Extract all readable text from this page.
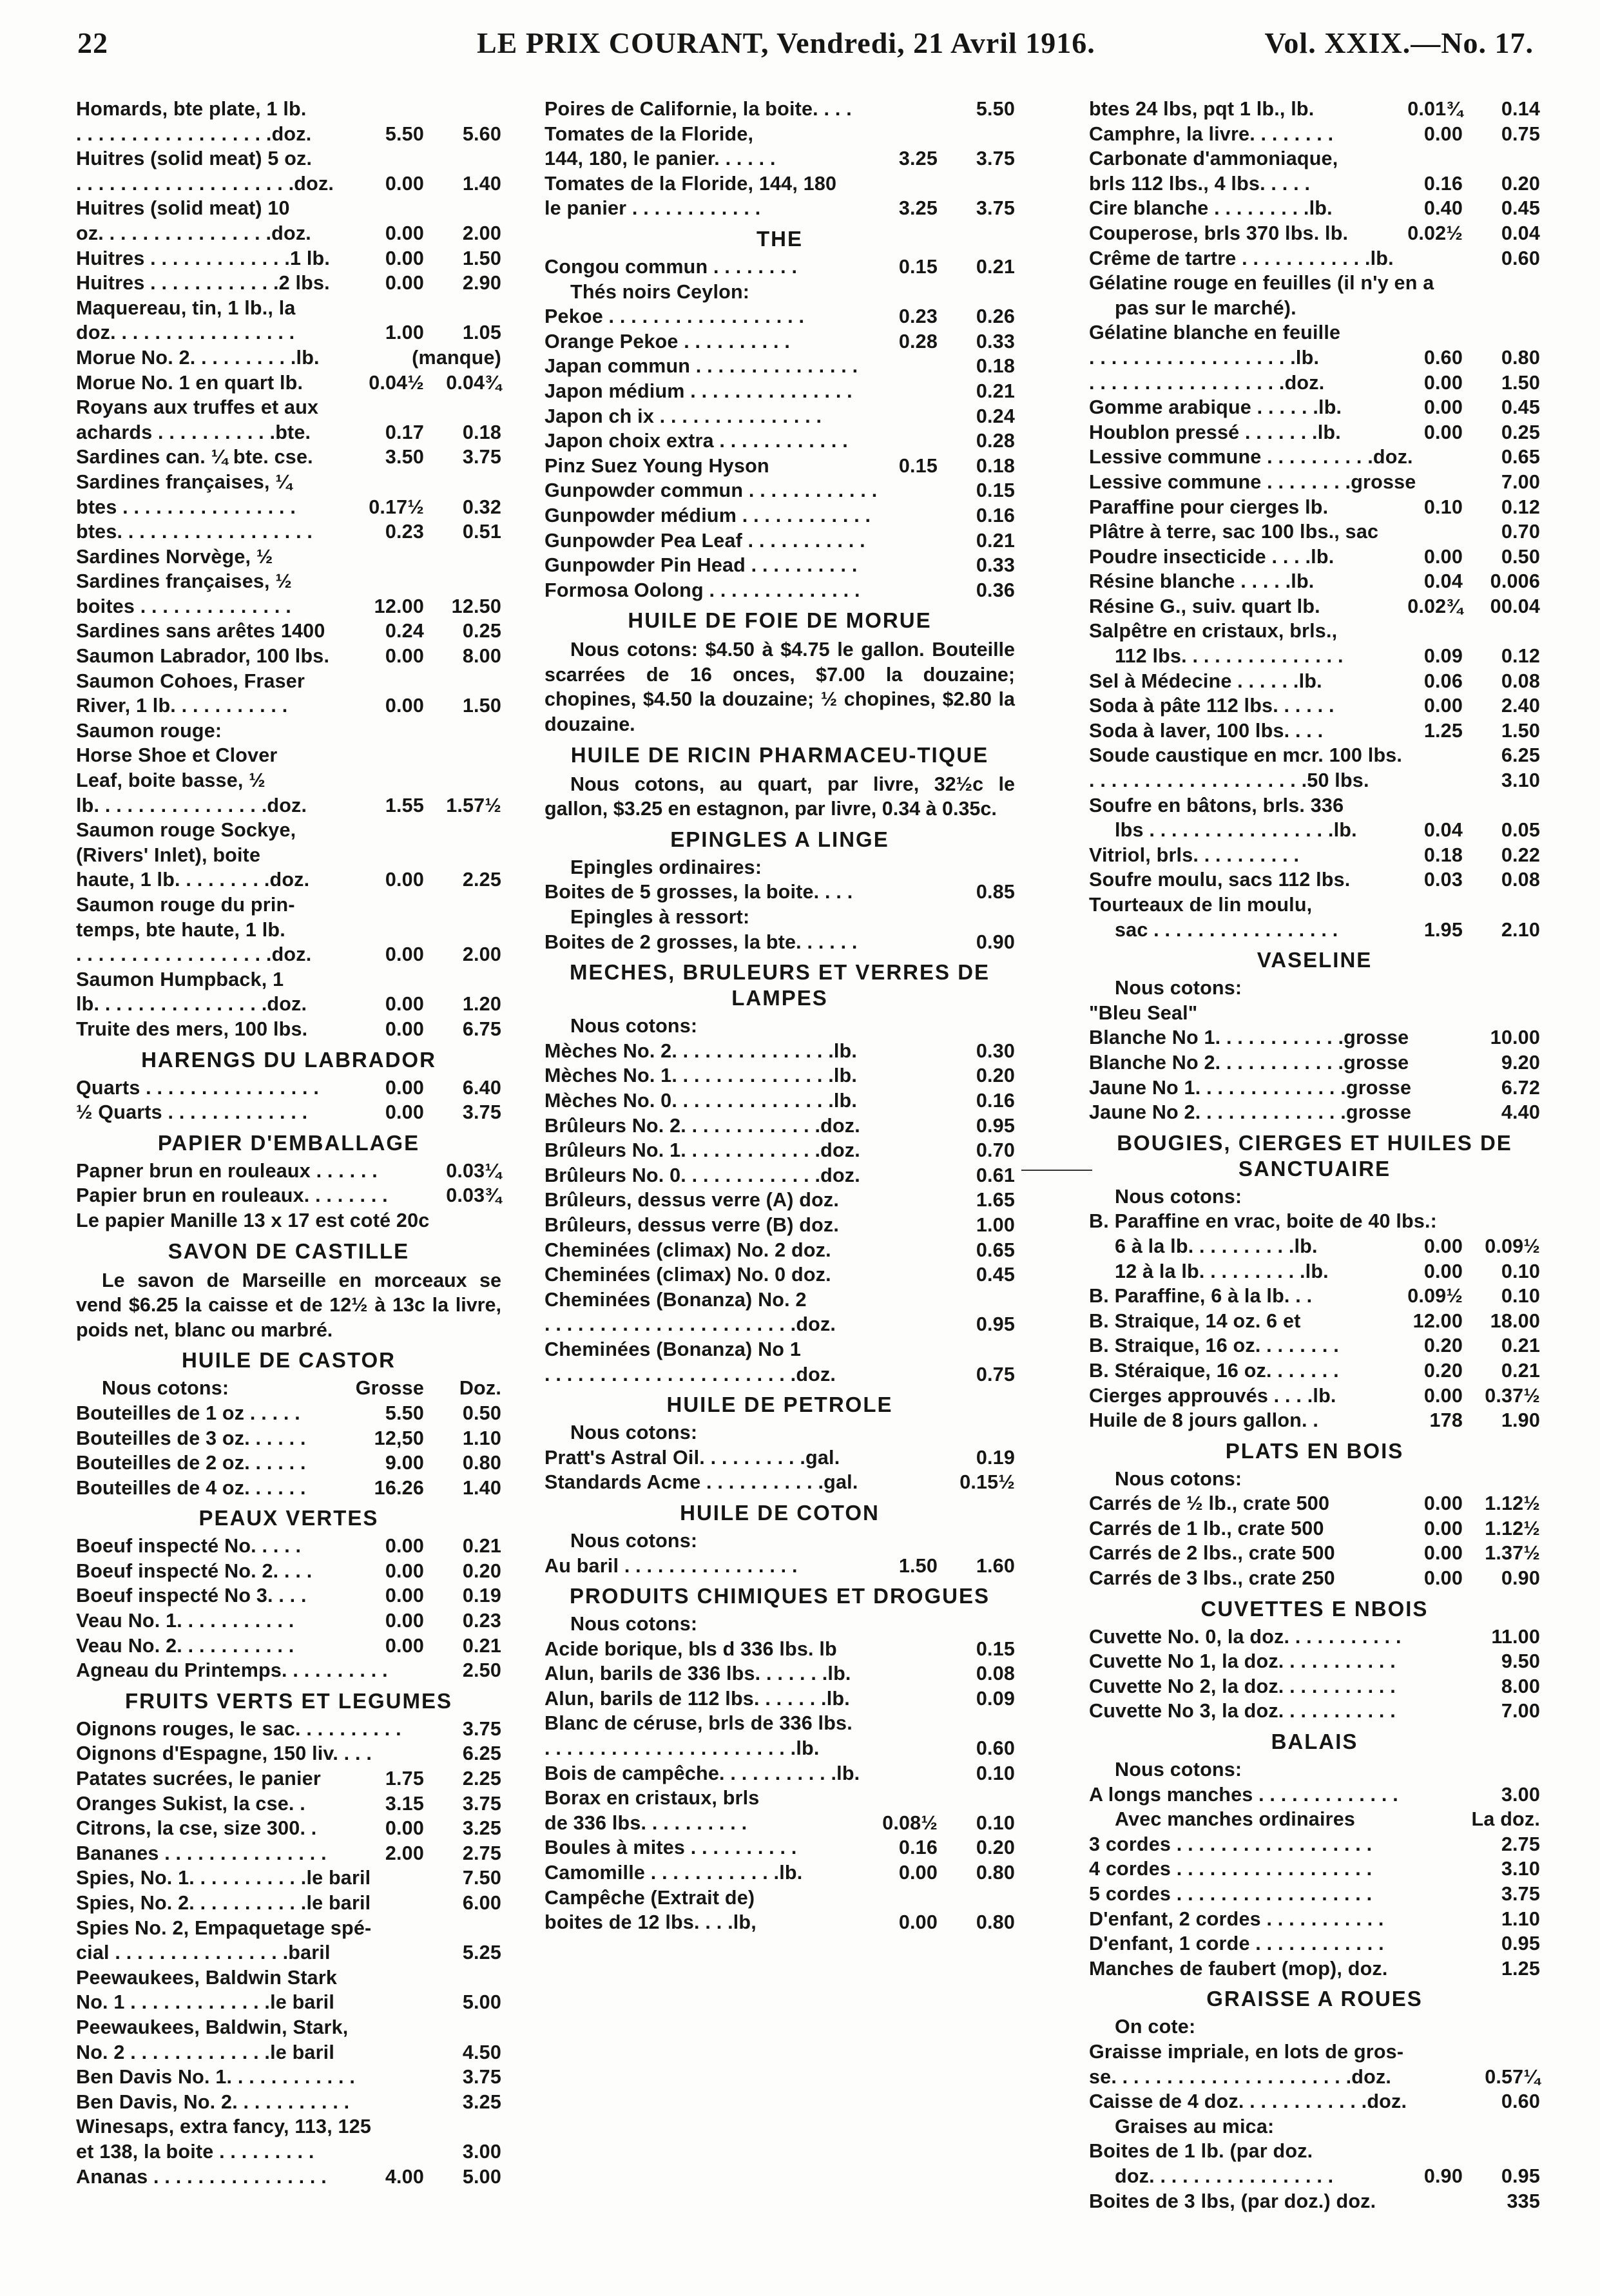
22	LE PRIX COURANT, Vendredi, 21 Avril 1916.	Vol. XXIX.—No. 17.
Homards, bte plate, 1 lb.
. . . . . . . . . . . . . . . . . .doz.	5.50	5.60
Huitres (solid meat) 5 oz.
. . . . . . . . . . . . . . . . . . . .doz.	0.00	1.40
Huitres (solid meat) 10
oz. . . . . . . . . . . . . . . .doz.	0.00	2.00
Huitres . . . . . . . . . . . . .1 lb.	0.00	1.50
Huitres . . . . . . . . . . . .2 lbs.	0.00	2.90
Maquereau, tin, 1 lb., la
doz. . . . . . . . . . . . . . . . .	1.00	1.05
Morue No. 2. . . . . . . . . .lb.	(manque)
Morue No. 1 en quart lb.	0.04½	0.04¾
Royans aux truffes et aux
achards . . . . . . . . . . .bte.	0.17	0.18
Sardines can. ¼ bte. cse.	3.50	3.75
Sardines françaises, ¼
btes . . . . . . . . . . . . . . . .	0.17½	0.32
btes. . . . . . . . . . . . . . . . . .	0.23	0.51
Sardines Norvège, ½
Sardines françaises, ½
boites . . . . . . . . . . . . . .	12.00	12.50
Sardines sans arêtes 1400	0.24	0.25
Saumon Labrador, 100 lbs.	0.00	8.00
Saumon Cohoes, Fraser
River, 1 lb. . . . . . . . . . .	0.00	1.50
Saumon rouge:
Horse Shoe et Clover
Leaf, boite basse, ½
lb. . . . . . . . . . . . . . . .doz.	1.55	1.57½
Saumon rouge Sockye,
(Rivers' Inlet), boite
haute, 1 lb. . . . . . . . .doz.	0.00	2.25
Saumon rouge du prin-
temps, bte haute, 1 lb.
. . . . . . . . . . . . . . . . . .doz.	0.00	2.00
Saumon Humpback, 1
lb. . . . . . . . . . . . . . . .doz.	0.00	1.20
Truite des mers, 100 lbs.	0.00	6.75
HARENGS DU LABRADOR
Quarts . . . . . . . . . . . . . . . .	0.00	6.40
½ Quarts . . . . . . . . . . . . .	0.00	3.75
PAPIER D'EMBALLAGE
Papner brun en rouleaux . . . . . .	0.03¼
Papier brun en rouleaux. . . . . . . .	0.03¾
Le papier Manille 13 x 17 est coté 20c
SAVON DE CASTILLE
Le savon de Marseille en morceaux se vend $6.25 la caisse et de 12½ à 13c la livre, poids net, blanc ou marbré.
HUILE DE CASTOR
Nous cotons:	Grosse	Doz.
Bouteilles de 1 oz . . . . .	5.50	0.50
Bouteilles de 3 oz. . . . . .	12,50	1.10
Bouteilles de 2 oz. . . . . .	9.00	0.80
Bouteilles de 4 oz. . . . . .	16.26	1.40
PEAUX VERTES
Boeuf inspecté No. . . . .	0.00	0.21
Boeuf inspecté No. 2. . . .	0.00	0.20
Boeuf inspecté No 3. . . .	0.00	0.19
Veau No. 1. . . . . . . . . . .	0.00	0.23
Veau No. 2. . . . . . . . . . .	0.00	0.21
Agneau du Printemps. . . . . . . . . .	2.50
FRUITS VERTS ET LEGUMES
Oignons rouges, le sac. . . . . . . . . .	3.75
Oignons d'Espagne, 150 liv. . . .	6.25
Patates sucrées, le panier	1.75	2.25
Oranges Sukist, la cse. .	3.15	3.75
Citrons, la cse, size 300. .	0.00	3.25
Bananes . . . . . . . . . . . . . . .	2.00	2.75
Spies, No. 1. . . . . . . . . . .le baril	7.50
Spies, No. 2. . . . . . . . . . .le baril	6.00
Spies No. 2, Empaquetage spé-
cial . . . . . . . . . . . . . . . .baril	5.25
Peewaukees, Baldwin Stark
No. 1 . . . . . . . . . . . . .le baril	5.00
Peewaukees, Baldwin, Stark,
No. 2 . . . . . . . . . . . . .le baril	4.50
Ben Davis No. 1. . . . . . . . . . . .	3.75
Ben Davis, No. 2. . . . . . . . . . .	3.25
Winesaps, extra fancy, 113, 125
et 138, la boite . . . . . . . . .	3.00
Ananas . . . . . . . . . . . . . . . .	4.00	5.00
Poires de Californie, la boite. . . .	5.50
Tomates de la Floride,
144, 180, le panier. . . . . .	3.25	3.75
Tomates de la Floride, 144, 180
le panier . . . . . . . . . . . .	3.25	3.75
THE
Congou commun . . . . . . . .	0.15	0.21
Thés noirs Ceylon:
Pekoe . . . . . . . . . . . . . . . . . .	0.23	0.26
Orange Pekoe . . . . . . . . . .	0.28	0.33
Japan commun . . . . . . . . . . . . . . .	0.18
Japon médium . . . . . . . . . . . . . . .	0.21
Japon ch ix . . . . . . . . . . . . . . .	0.24
Japon choix extra . . . . . . . . . . . .	0.28
Pinz Suez Young Hyson	0.15	0.18
Gunpowder commun . . . . . . . . . . . .	0.15
Gunpowder médium . . . . . . . . . . . .	0.16
Gunpowder Pea Leaf . . . . . . . . . . .	0.21
Gunpowder Pin Head . . . . . . . . . .	0.33
Formosa Oolong . . . . . . . . . . . . . .	0.36
HUILE DE FOIE DE MORUE
Nous cotons: $4.50 à $4.75 le gallon. Bouteille scarrées de 16 onces, $7.00 la douzaine; chopines, $4.50 la douzaine; ½ chopines, $2.80 la douzaine.
HUILE DE RICIN PHARMACEU-TIQUE
Nous cotons, au quart, par livre, 32½c le gallon, $3.25 en estagnon, par livre, 0.34 à 0.35c.
EPINGLES A LINGE
Epingles ordinaires:
Boites de 5 grosses, la boite. . . .	0.85
Epingles à ressort:
Boites de 2 grosses, la bte. . . . . .	0.90
MECHES, BRULEURS ET VERRES DE LAMPES
Nous cotons:
Mèches No. 2. . . . . . . . . . . . . . .lb.	0.30
Mèches No. 1. . . . . . . . . . . . . . .lb.	0.20
Mèches No. 0. . . . . . . . . . . . . . .lb.	0.16
Brûleurs No. 2. . . . . . . . . . . . .doz.	0.95
Brûleurs No. 1. . . . . . . . . . . . .doz.	0.70
Brûleurs No. 0. . . . . . . . . . . . .doz.	0.61
Brûleurs, dessus verre (A) doz.	1.65
Brûleurs, dessus verre (B) doz.	1.00
Cheminées (climax) No. 2 doz.	0.65
Cheminées (climax) No. 0 doz.	0.45
Cheminées (Bonanza) No. 2
. . . . . . . . . . . . . . . . . . . . . . .doz.	0.95
Cheminées (Bonanza) No 1
. . . . . . . . . . . . . . . . . . . . . . .doz.	0.75
HUILE DE PETROLE
Nous cotons:
Pratt's Astral Oil. . . . . . . . . .gal.	0.19
Standards Acme . . . . . . . . . . .gal.	0.15½
HUILE DE COTON
Nous cotons:
Au baril . . . . . . . . . . . . . . . .	1.50	1.60
PRODUITS CHIMIQUES ET DROGUES
Nous cotons:
Acide borique, bls d 336 lbs. lb	0.15
Alun, barils de 336 lbs. . . . . . .lb.	0.08
Alun, barils de 112 lbs. . . . . . .lb.	0.09
Blanc de céruse, brls de 336 lbs.
. . . . . . . . . . . . . . . . . . . . . . .lb.	0.60
Bois de campêche. . . . . . . . . . .lb.	0.10
Borax en cristaux, brls
de 336 lbs. . . . . . . . . .	0.08½	0.10
Boules à mites . . . . . . . . . .	0.16	0.20
Camomille . . . . . . . . . . . .lb.	0.00	0.80
Campêche (Extrait de)
boites de 12 lbs. . . .lb,	0.00	0.80
btes 24 lbs, pqt 1 lb., lb.	0.01¾	0.14
Camphre, la livre. . . . . . . .	0.00	0.75
Carbonate d'ammoniaque,
brls 112 lbs., 4 lbs. . . . .	0.16	0.20
Cire blanche . . . . . . . . .lb.	0.40	0.45
Couperose, brls 370 lbs. lb.	0.02½	0.04
Crême de tartre . . . . . . . . . . . .lb.	0.60
Gélatine rouge en feuilles (il n'y en a
pas sur le marché).
Gélatine blanche en feuille
. . . . . . . . . . . . . . . . . . .lb.	0.60	0.80
. . . . . . . . . . . . . . . . . .doz.	0.00	1.50
Gomme arabique . . . . . .lb.	0.00	0.45
Houblon pressé . . . . . . .lb.	0.00	0.25
Lessive commune . . . . . . . . . .doz.	0.65
Lessive commune . . . . . . . .grosse	7.00
Paraffine pour cierges lb.	0.10	0.12
Plâtre à terre, sac 100 lbs., sac	0.70
Poudre insecticide . . . .lb.	0.00	0.50
Résine blanche . . . . .lb.	0.04	0.006
Résine G., suiv. quart lb.	0.02¾	00.04
Salpêtre en cristaux, brls.,
112 lbs. . . . . . . . . . . . . . .	0.09	0.12
Sel à Médecine . . . . . .lb.	0.06	0.08
Soda à pâte 112 lbs. . . . . .	0.00	2.40
Soda à laver, 100 lbs. . . .	1.25	1.50
Soude caustique en mcr. 100 lbs.	6.25
. . . . . . . . . . . . . . . . . . . .50 lbs.	3.10
Soufre en bâtons, brls. 336
lbs . . . . . . . . . . . . . . . . .lb.	0.04	0.05
Vitriol, brls. . . . . . . . . .	0.18	0.22
Soufre moulu, sacs 112 lbs.	0.03	0.08
Tourteaux de lin moulu,
sac . . . . . . . . . . . . . . . . .	1.95	2.10
VASELINE
Nous cotons:
"Bleu Seal"
Blanche No 1. . . . . . . . . . . .grosse	10.00
Blanche No 2. . . . . . . . . . . .grosse	9.20
Jaune No 1. . . . . . . . . . . . . .grosse	6.72
Jaune No 2. . . . . . . . . . . . . .grosse	4.40
BOUGIES, CIERGES ET HUILES DE SANCTUAIRE
Nous cotons:
B. Paraffine en vrac, boite de 40 lbs.:
6 à la lb. . . . . . . . . .lb.	0.00	0.09½
12 à la lb. . . . . . . . . .lb.	0.00	0.10
B. Paraffine, 6 à la lb. . .	0.09½	0.10
B. Straique, 14 oz. 6 et	12.00	18.00
B. Straique, 16 oz. . . . . . . .	0.20	0.21
B. Stéraique, 16 oz. . . . . . .	0.20	0.21
Cierges approuvés . . . .lb.	0.00	0.37½
Huile de 8 jours gallon. .	178	1.90
PLATS EN BOIS
Nous cotons:
Carrés de ½ lb., crate 500	0.00	1.12½
Carrés de 1 lb., crate 500	0.00	1.12½
Carrés de 2 lbs., crate 500	0.00	1.37½
Carrés de 3 lbs., crate 250	0.00	0.90
CUVETTES E NBOIS
Cuvette No. 0, la doz. . . . . . . . . . .	11.00
Cuvette No 1, la doz. . . . . . . . . . .	9.50
Cuvette No 2, la doz. . . . . . . . . . .	8.00
Cuvette No 3, la doz. . . . . . . . . . .	7.00
BALAIS
Nous cotons:
A longs manches . . . . . . . . . . . . .	3.00
Avec manches ordinaires	La doz.
3 cordes . . . . . . . . . . . . . . . . . .	2.75
4 cordes . . . . . . . . . . . . . . . . . .	3.10
5 cordes . . . . . . . . . . . . . . . . . .	3.75
D'enfant, 2 cordes . . . . . . . . . . .	1.10
D'enfant, 1 corde . . . . . . . . . . . .	0.95
Manches de faubert (mop), doz.	1.25
GRAISSE A ROUES
On cote:
Graisse impriale, en lots de gros-
se. . . . . . . . . . . . . . . . . . . . . .doz.	0.57¼
Caisse de 4 doz. . . . . . . . . . . .doz.	0.60
Graises au mica:
Boites de 1 lb. (par doz.
doz. . . . . . . . . . . . . . . . .	0.90	0.95
Boites de 3 lbs, (par doz.) doz.	335
